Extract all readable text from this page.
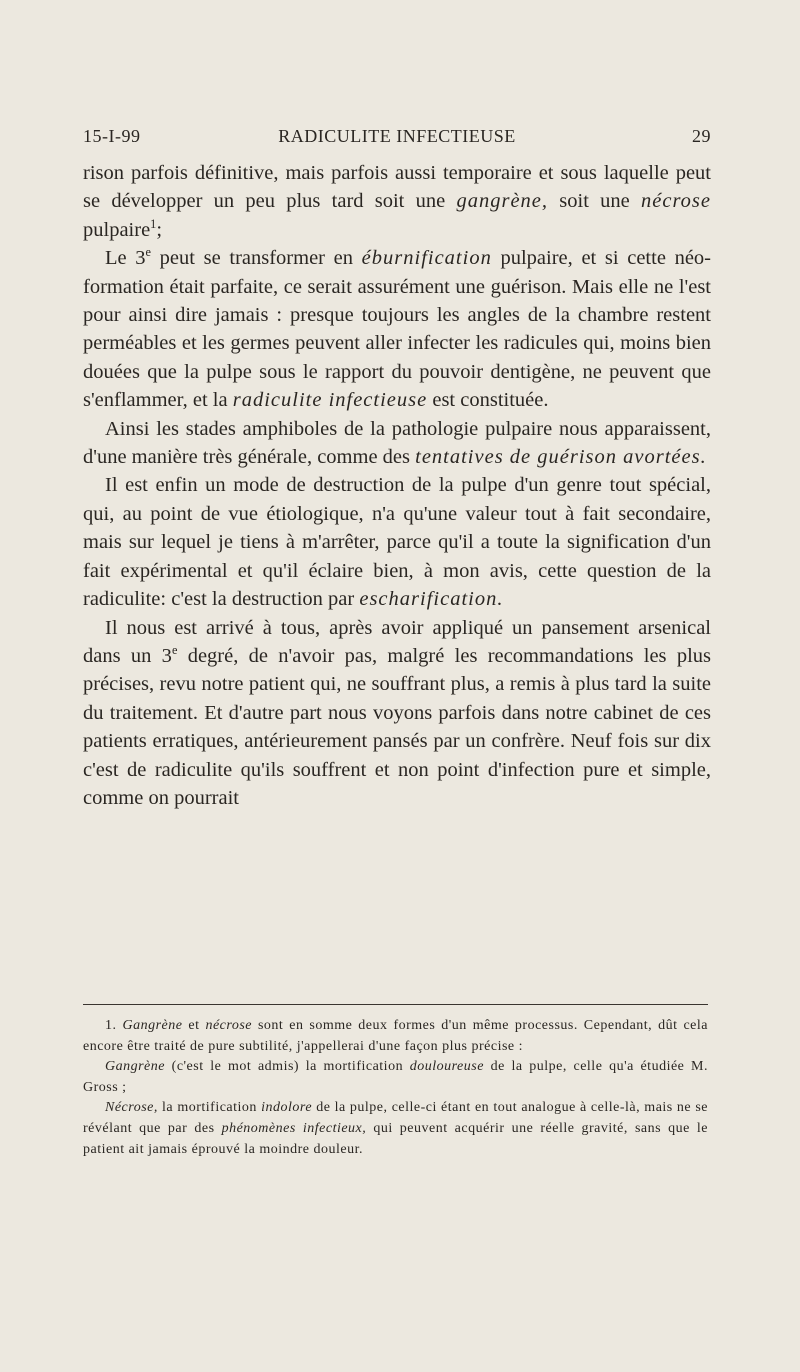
15-I-99	RADICULITE INFECTIEUSE	29

rison parfois définitive, mais parfois aussi temporaire et sous laquelle peut se développer un peu plus tard soit une gangrène, soit une nécrose pulpaire$^1$;

Le 3e peut se transformer en éburnification pulpaire, et si cette néo-formation était parfaite, ce serait assurément une guérison. Mais elle ne l'est pour ainsi dire jamais : presque toujours les angles de la chambre restent perméables et les germes peuvent aller infecter les radicules qui, moins bien douées que la pulpe sous le rapport du pouvoir dentigène, ne peuvent que s'enflammer, et la radiculite infectieuse est constituée.

Ainsi les stades amphiboles de la pathologie pulpaire nous apparaissent, d'une manière très générale, comme des tentatives de guérison avortées.

Il est enfin un mode de destruction de la pulpe d'un genre tout spécial, qui, au point de vue étiologique, n'a qu'une valeur tout à fait secondaire, mais sur lequel je tiens à m'arrêter, parce qu'il a toute la signification d'un fait expérimental et qu'il éclaire bien, à mon avis, cette question de la radiculite: c'est la destruction par escharification.

Il nous est arrivé à tous, après avoir appliqué un pansement arsenical dans un 3e degré, de n'avoir pas, malgré les recommandations les plus précises, revu notre patient qui, ne souffrant plus, a remis à plus tard la suite du traitement. Et d'autre part nous voyons parfois dans notre cabinet de ces patients erratiques, antérieurement pansés par un confrère. Neuf fois sur dix c'est de radiculite qu'ils souffrent et non point d'infection pure et simple, comme on pourrait

1. Gangrène et nécrose sont en somme deux formes d'un même processus. Cependant, dût cela encore être traité de pure subtilité, j'appellerai d'une façon plus précise :

Gangrène (c'est le mot admis) la mortification douloureuse de la pulpe, celle qu'a étudiée M. Gross ;

Nécrose, la mortification indolore de la pulpe, celle-ci étant en tout analogue à celle-là, mais ne se révélant que par des phénomènes infectieux, qui peuvent acquérir une réelle gravité, sans que le patient ait jamais éprouvé la moindre douleur.
